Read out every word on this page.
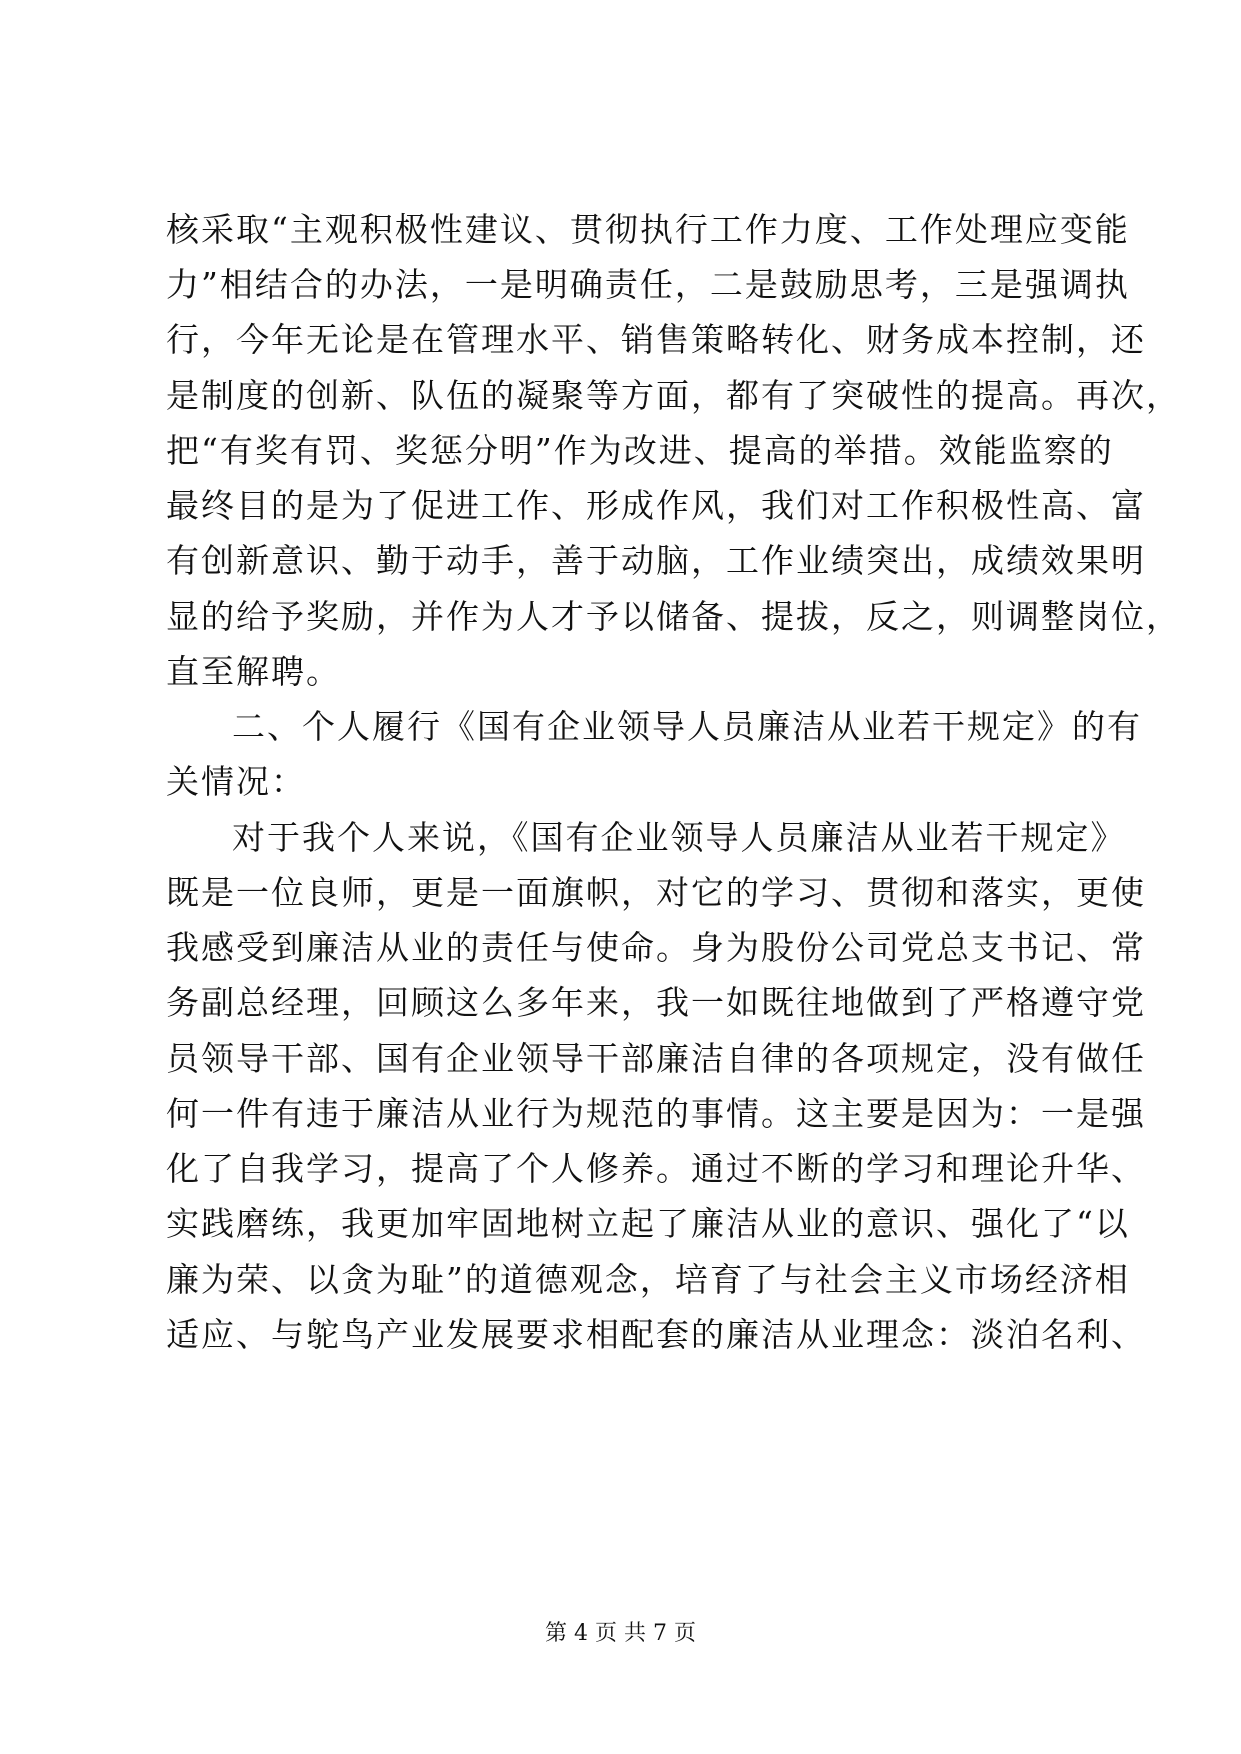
核采取“主观积极性建议、贯彻执行工作力度、工作处理应变能
力”相结合的办法，一是明确责任，二是鼓励思考，三是强调执
行，今年无论是在管理水平、销售策略转化、财务成本控制，还
是制度的创新、队伍的凝聚等方面，都有了突破性的提高。再次，
把“有奖有罚、奖惩分明”作为改进、提高的举措。效能监察的
最终目的是为了促进工作、形成作风，我们对工作积极性高、富
有创新意识、勤于动手，善于动脑，工作业绩突出，成绩效果明
显的给予奖励，并作为人才予以储备、提拔，反之，则调整岗位，
直至解聘。
二、个人履行《国有企业领导人员廉洁从业若干规定》的有
关情况：
对于我个人来说，《国有企业领导人员廉洁从业若干规定》
既是一位良师，更是一面旗帜，对它的学习、贯彻和落实，更使
我感受到廉洁从业的责任与使命。身为股份公司党总支书记、常
务副总经理，回顾这么多年来，我一如既往地做到了严格遵守党
员领导干部、国有企业领导干部廉洁自律的各项规定，没有做任
何一件有违于廉洁从业行为规范的事情。这主要是因为：一是强
化了自我学习，提高了个人修养。通过不断的学习和理论升华、
实践磨练，我更加牢固地树立起了廉洁从业的意识、强化了“以
廉为荣、以贪为耻”的道德观念，培育了与社会主义市场经济相
适应、与鸵鸟产业发展要求相配套的廉洁从业理念：淡泊名利、
第 4 页 共 7 页
